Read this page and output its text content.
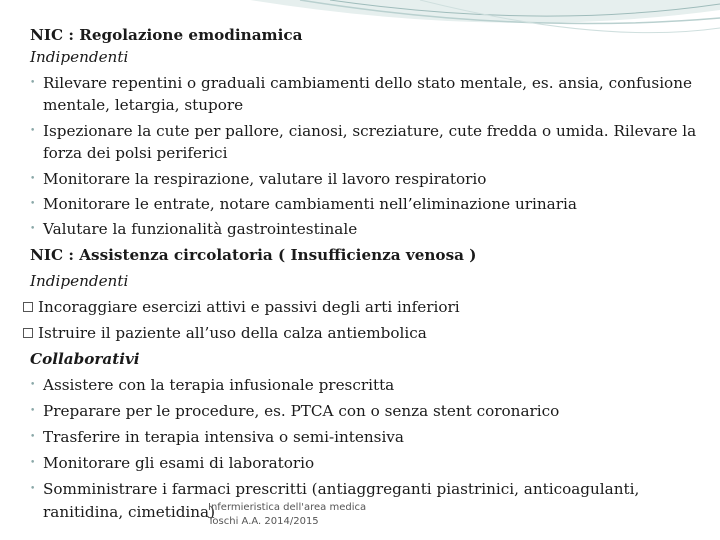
NIC : Regolazione emodinamica
Indipendenti
• Rilevare repentini o graduali cambiamenti dello stato mentale, es. ansia, confusione
mentale, letargia, stupore
• Ispezionare la cute per pallore, cianosi, screziature, cute fredda o umida. Rilevare la
forza dei polsi periferici
• Monitorare la respirazione, valutare il lavoro respiratorio
• Monitorare le entrate, notare cambiamenti nell’eliminazione urinaria
• Valutare la funzionalità gastrointestinale
NIC : Assistenza circolatoria ( Insufficienza venosa )
Indipendenti
Incoraggiare esercizi attivi e passivi degli arti inferiori
Istruire il paziente all’uso della calza antiembolica
Collaborativi
• Assistere con la terapia infusionale prescritta
• Preparare per le procedure, es. PTCA con o senza stent coronarico
• Trasferire in terapia intensiva o semi-intensiva
• Monitorare gli esami di laboratorio
• Somministrare i farmaci prescritti (antiaggreganti piastrinici, anticoagulanti,
ranitidina, cimetidina)
Infermieristica dell'area medica
Toschi A.A. 2014/2015
